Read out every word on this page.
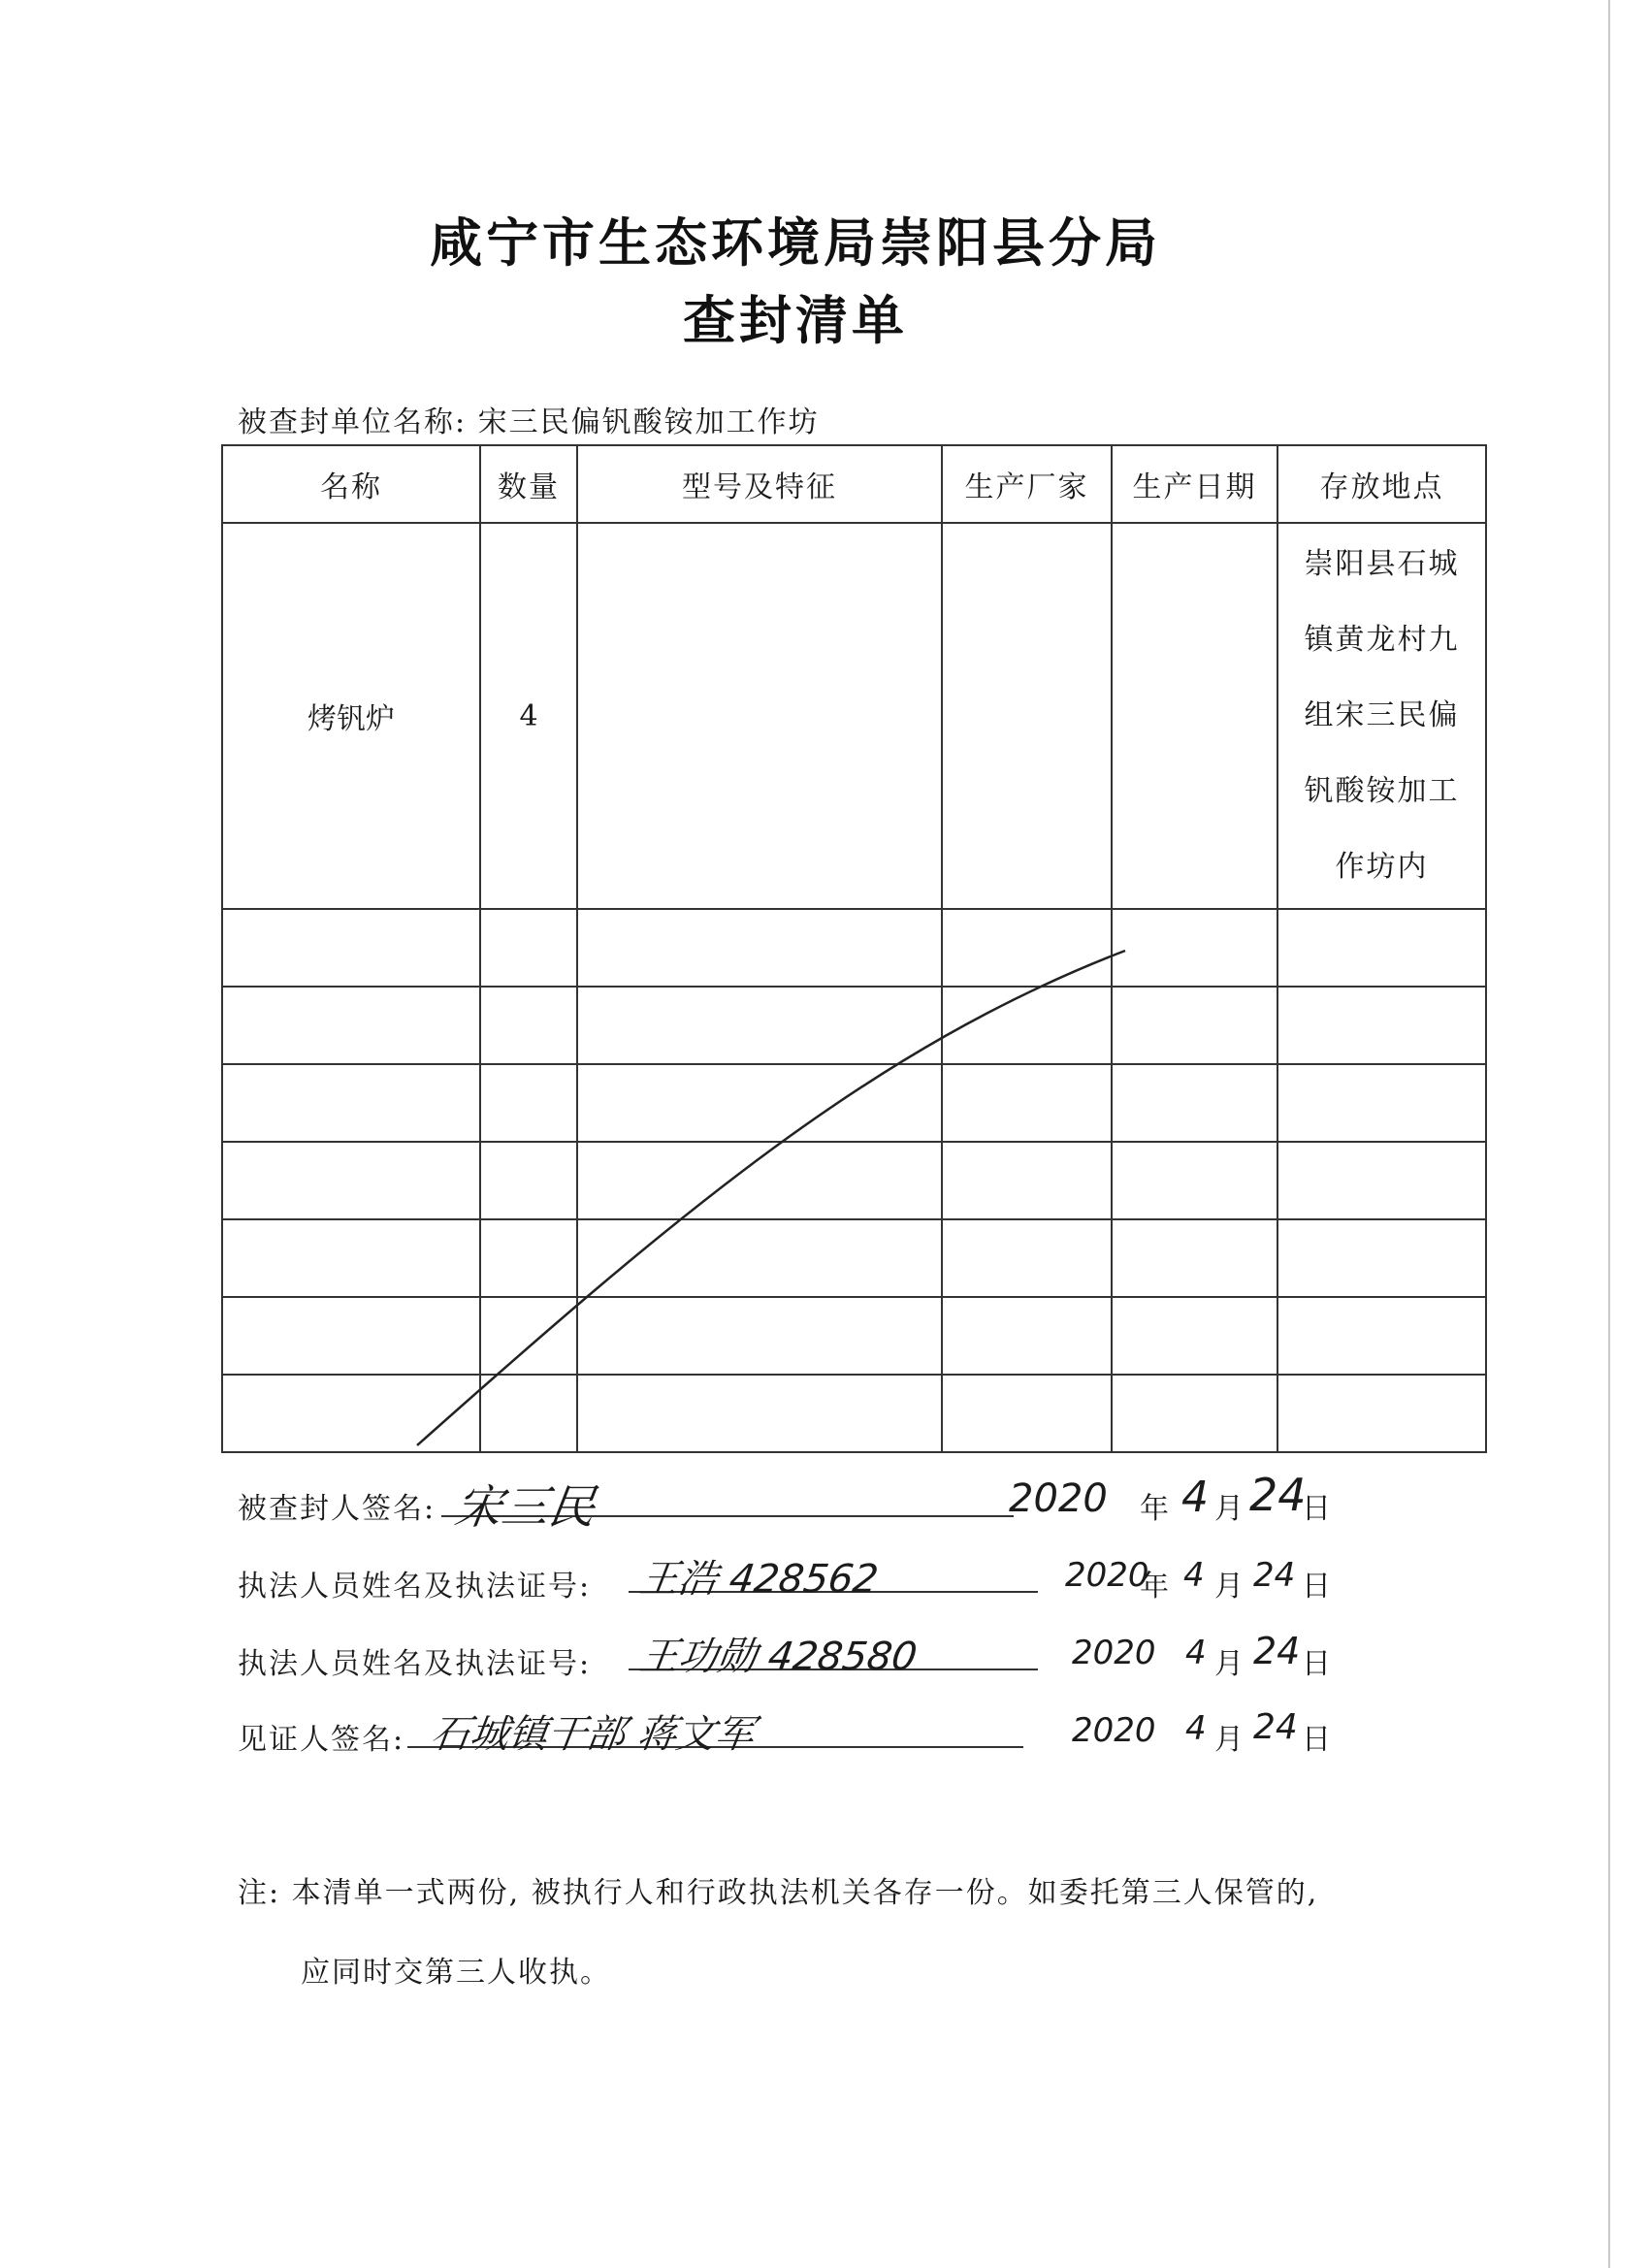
咸宁市生态环境局崇阳县分局
查封清单
被查封单位名称: 宋三民偏钒酸铵加工作坊
名称	数量	型号及特征	生产厂家	生产日期	存放地点
烤钒炉	4				崇阳县石城
镇黄龙村九
组宋三民偏
钒酸铵加工
作坊内

被查封人签名: 宋三民	2020 年 4 月 24
日
执法人员姓名及执法证号: 王浩 428562	2020
年 4 月 24 日
执法人员姓名及执法证号: 王功勋 428580	2020 4 月 24 日
见证人签名: 石城镇干部 蒋文军	2020 4 月 24 日
注: 本清单一式两份, 被执行人和行政执法机关各存一份。如委托第三人保管的,
应同时交第三人收执。
